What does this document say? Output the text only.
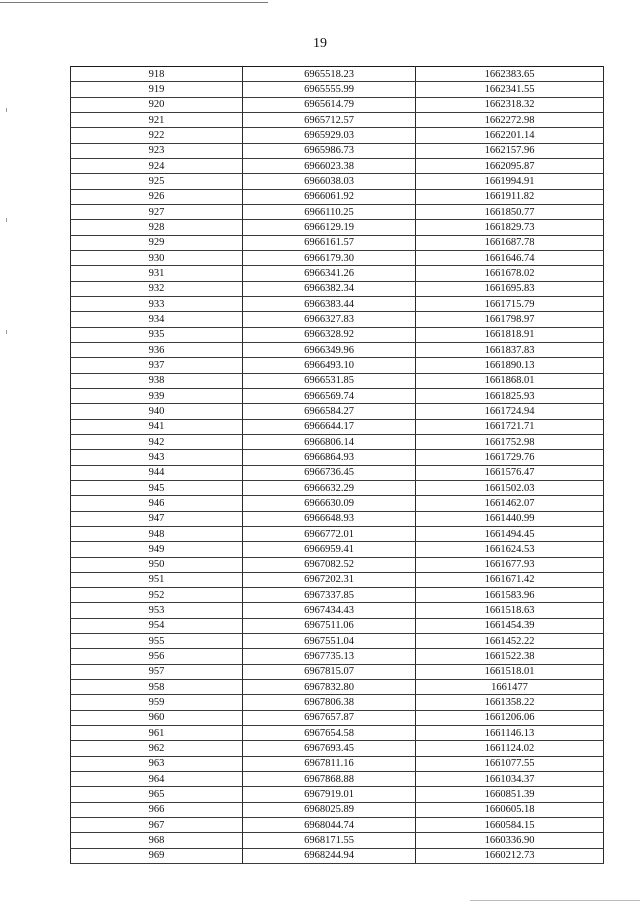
19
918	6965518.23	1662383.65
919	6965555.99	1662341.55
920	6965614.79	1662318.32
921	6965712.57	1662272.98
922	6965929.03	1662201.14
923	6965986.73	1662157.96
924	6966023.38	1662095.87
925	6966038.03	1661994.91
926	6966061.92	1661911.82
927	6966110.25	1661850.77
928	6966129.19	1661829.73
929	6966161.57	1661687.78
930	6966179.30	1661646.74
931	6966341.26	1661678.02
932	6966382.34	1661695.83
933	6966383.44	1661715.79
934	6966327.83	1661798.97
935	6966328.92	1661818.91
936	6966349.96	1661837.83
937	6966493.10	1661890.13
938	6966531.85	1661868.01
939	6966569.74	1661825.93
940	6966584.27	1661724.94
941	6966644.17	1661721.71
942	6966806.14	1661752.98
943	6966864.93	1661729.76
944	6966736.45	1661576.47
945	6966632.29	1661502.03
946	6966630.09	1661462.07
947	6966648.93	1661440.99
948	6966772.01	1661494.45
949	6966959.41	1661624.53
950	6967082.52	1661677.93
951	6967202.31	1661671.42
952	6967337.85	1661583.96
953	6967434.43	1661518.63
954	6967511.06	1661454.39
955	6967551.04	1661452.22
956	6967735.13	1661522.38
957	6967815.07	1661518.01
958	6967832.80	1661477
959	6967806.38	1661358.22
960	6967657.87	1661206.06
961	6967654.58	1661146.13
962	6967693.45	1661124.02
963	6967811.16	1661077.55
964	6967868.88	1661034.37
965	6967919.01	1660851.39
966	6968025.89	1660605.18
967	6968044.74	1660584.15
968	6968171.55	1660336.90
969	6968244.94	1660212.73
